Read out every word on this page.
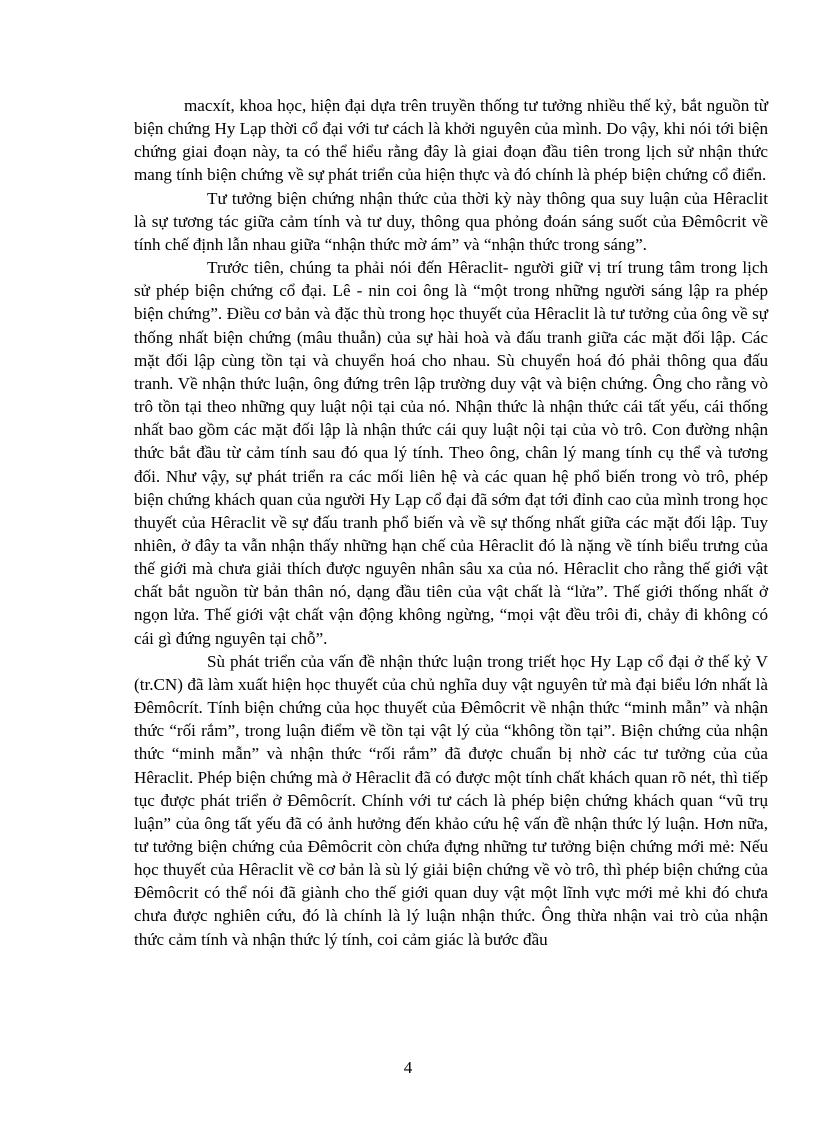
macxít, khoa học, hiện đại dựa trên truyền thống tư tưởng nhiều thế kỷ, bắt nguồn từ biện chứng Hy Lạp thời cổ đại với tư cách là khởi nguyên của mình. Do vậy, khi nói tới biện chứng giai đoạn này, ta có thể hiểu rằng đây là giai đoạn đầu tiên trong lịch sử nhận thức mang tính biện chứng về sự phát triển của hiện thực và đó chính là phép biện chứng cổ điển.

Tư tưởng biện chứng nhận thức của thời kỳ này thông qua suy luận của Hêraclit là sự tương tác giữa cảm tính và tư duy, thông qua phỏng đoán sáng suốt của Đêmôcrit về tính chế định lẫn nhau giữa “nhận thức mờ ám” và “nhận thức trong sáng”.

Trước tiên, chúng ta phải nói đến Hêraclit- người giữ vị trí trung tâm trong lịch sử phép biện chứng cổ đại. Lê - nin coi ông là “một trong những người sáng lập ra phép biện chứng”. Điều cơ bản và đặc thù trong học thuyết của Hêraclit là tư tưởng của ông về sự thống nhất biện chứng (mâu thuẫn) của sự hài hoà và đấu tranh giữa các mặt đối lập. Các mặt đối lập cùng tồn tại và chuyển hoá cho nhau. Sù chuyển hoá đó phải thông qua đấu tranh. Về nhận thức luận, ông đứng trên lập trường duy vật và biện chứng. Ông cho rằng vò trô tồn tại theo những quy luật nội tại của nó. Nhận thức là nhận thức cái tất yếu, cái thống nhất bao gồm các mặt đối lập là nhận thức cái quy luật nội tại của vò trô. Con đường nhận thức bắt đầu từ cảm tính sau đó qua lý tính. Theo ông, chân lý mang tính cụ thể và tương đối. Như vậy, sự phát triển ra các mối liên hệ và các quan hệ phổ biến trong vò trô, phép biện chứng khách quan của người Hy Lạp cổ đại đã sớm đạt tới đỉnh cao của mình trong học thuyết của Hêraclit về sự đấu tranh phổ biến và về sự thống nhất giữa các mặt đối lập. Tuy nhiên, ở đây ta vẫn nhận thấy những hạn chế của Hêraclit đó là nặng về tính biểu trưng của thế giới mà chưa giải thích được nguyên nhân sâu xa của nó. Hêraclit cho rằng thế giới vật chất bắt nguồn từ bản thân nó, dạng đầu tiên của vật chất là “lửa”. Thế giới thống nhất ở ngọn lửa. Thế giới vật chất vận động không ngừng, “mọi vật đều trôi đi, chảy đi không có cái gì đứng nguyên tại chỗ”.

Sù phát triển của vấn đề nhận thức luận trong triết học Hy Lạp cổ đại ở thế kỷ V (tr.CN) đã làm xuất hiện học thuyết của chủ nghĩa duy vật nguyên tử mà đại biểu lớn nhất là Đêmôcrít. Tính biện chứng của học thuyết của Đêmôcrit về nhận thức “minh mẫn” và nhận thức “rối rắm”, trong luận điểm về tồn tại vật lý của “không tồn tại”. Biện chứng của nhận thức “minh mẫn” và nhận thức “rối rắm” đã được chuẩn bị nhờ các tư tưởng của của Hêraclit. Phép biện chứng mà ở Hêraclit đã có được một tính chất khách quan rõ nét, thì tiếp tục được phát triển ở Đêmôcrít. Chính với tư cách là phép biện chứng khách quan “vũ trụ luận” của ông tất yếu đã có ảnh hưởng đến khảo cứu hệ vấn đề nhận thức lý luận. Hơn nữa, tư tưởng biện chứng của Đêmôcrit còn chứa đựng những tư tưởng biện chứng mới mẻ: Nếu học thuyết của Hêraclit về cơ bản là sù lý giải biện chứng về vò trô, thì phép biện chứng của Đêmôcrit có thể nói đã giành cho thế giới quan duy vật một lĩnh vực mới mẻ khi đó chưa chưa được nghiên cứu, đó là chính là lý luận nhận thức. Ông thừa nhận vai trò của nhận thức cảm tính và nhận thức lý tính, coi cảm giác là bước đầu

4
